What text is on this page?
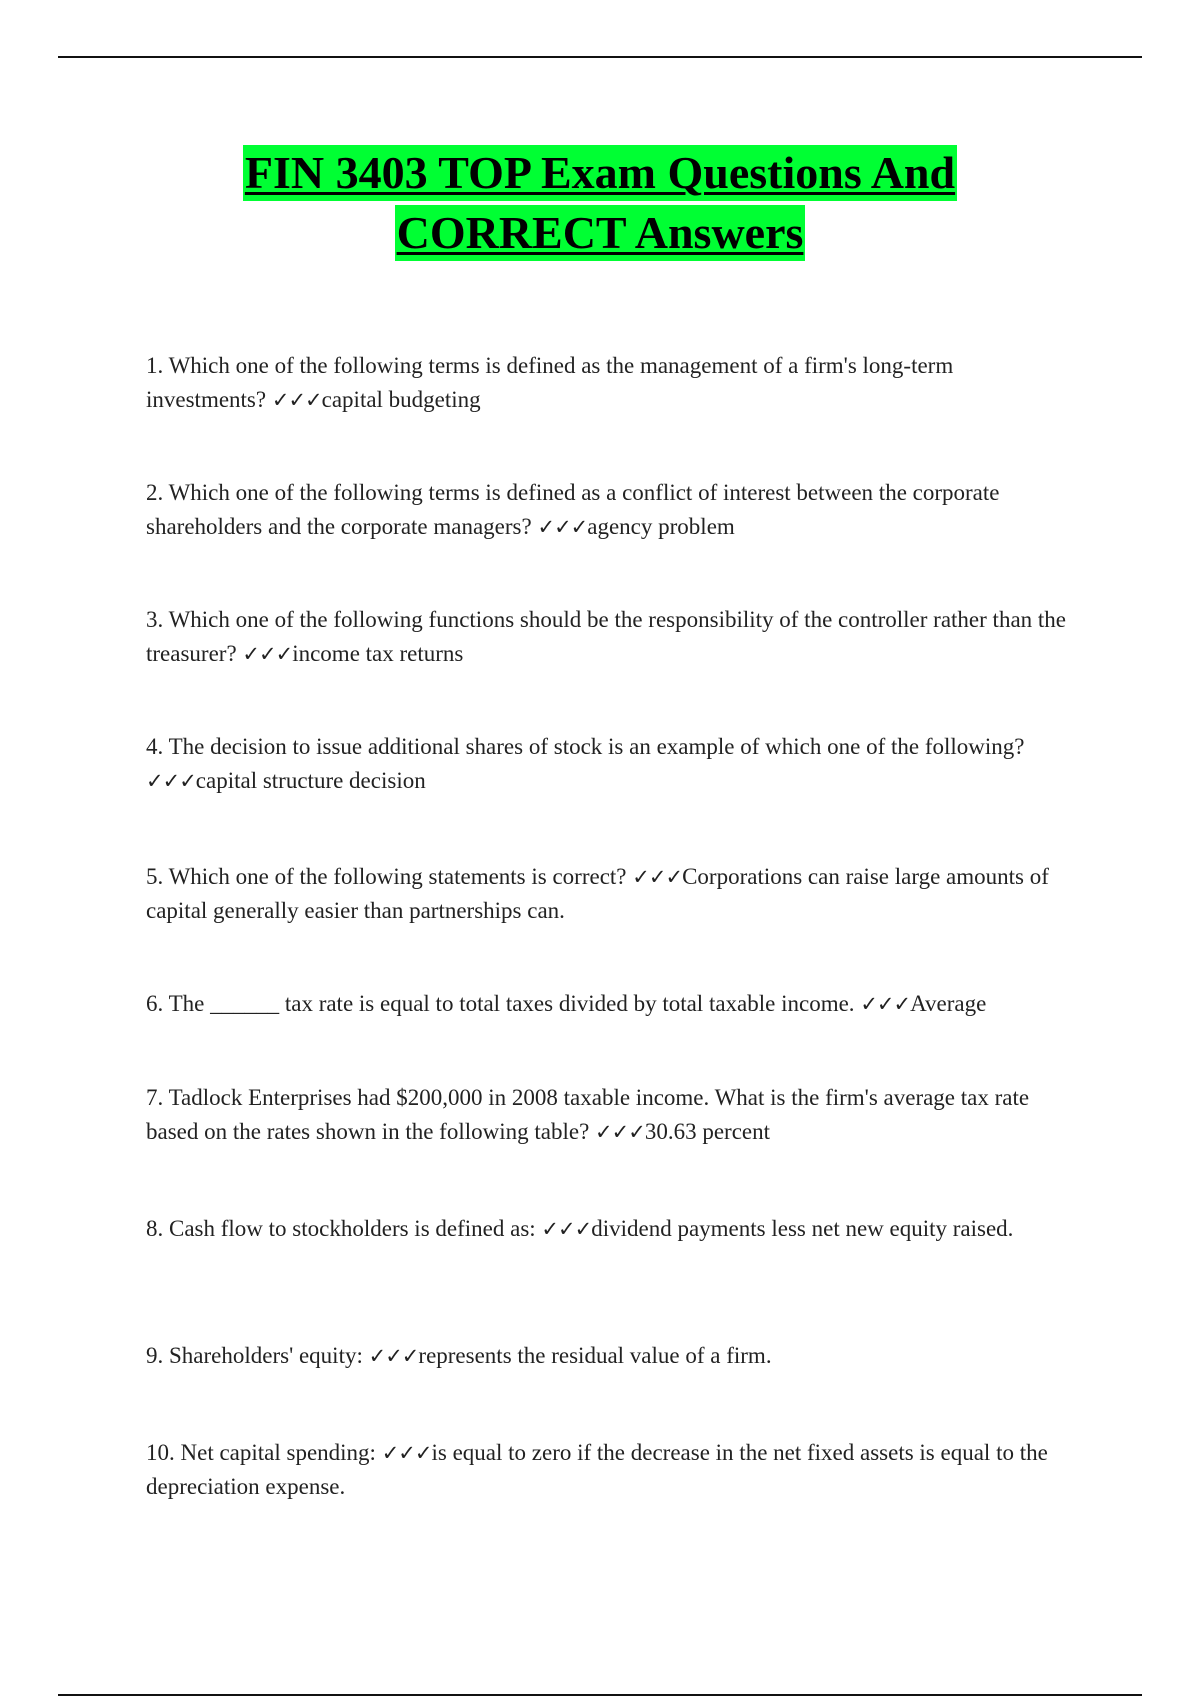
FIN 3403 TOP Exam Questions And
CORRECT Answers

1. Which one of the following terms is defined as the management of a firm's long-term investments? ✓✓✓capital budgeting

2. Which one of the following terms is defined as a conflict of interest between the corporate shareholders and the corporate managers? ✓✓✓agency problem

3. Which one of the following functions should be the responsibility of the controller rather than the treasurer? ✓✓✓income tax returns

4. The decision to issue additional shares of stock is an example of which one of the following? ✓✓✓capital structure decision

5. Which one of the following statements is correct? ✓✓✓Corporations can raise large amounts of capital generally easier than partnerships can.

6. The ______ tax rate is equal to total taxes divided by total taxable income. ✓✓✓Average

7. Tadlock Enterprises had $200,000 in 2008 taxable income. What is the firm's average tax rate based on the rates shown in the following table? ✓✓✓30.63 percent

8. Cash flow to stockholders is defined as: ✓✓✓dividend payments less net new equity raised.

9. Shareholders' equity: ✓✓✓represents the residual value of a firm.

10. Net capital spending: ✓✓✓is equal to zero if the decrease in the net fixed assets is equal to the depreciation expense.
